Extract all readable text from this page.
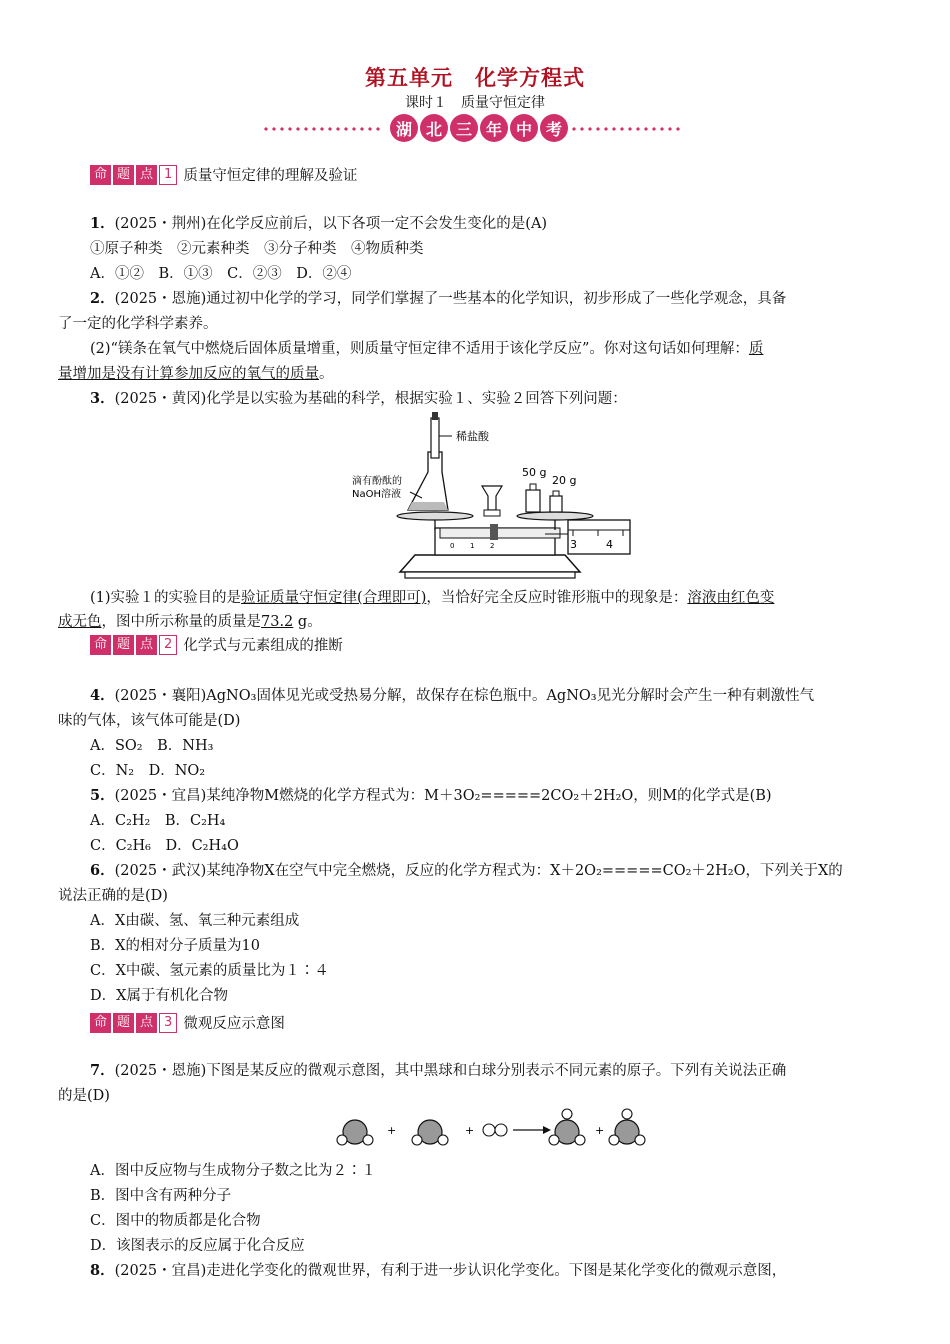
第五单元　化学方程式
课时１　质量守恒定律
湖 北 三 年 中 考
命 题 点 1 质量守恒定律的理解及验证
1．(2025・荆州)在化学反应前后，以下各项一定不会发生变化的是(A)
①原子种类　②元素种类　③分子种类　④物质种类
A．①②　B．①③　C．②③　D．②④
2．(2025・恩施)通过初中化学的学习，同学们掌握了一些基本的化学知识，初步形成了一些化学观念，具备
了一定的化学科学素养。
(2)“镁条在氧气中燃烧后固体质量增重，则质量守恒定律不适用于该化学反应”。你对这句话如何理解：质
量增加是没有计算参加反应的氧气的质量。
3．(2025・黄冈)化学是以实验为基础的科学，根据实验１、实验２回答下列问题：
稀盐酸
滴有酚酞的
NaOH溶液
50 g
20 g
3	4
0 1 2
(1)实验１的实验目的是验证质量守恒定律(合理即可)，当恰好完全反应时锥形瓶中的现象是：溶液由红色变
成无色，图中所示称量的质量是73.2 g。
命 题 点 2 化学式与元素组成的推断
4．(2025・襄阳)AgNO₃固体见光或受热易分解，故保存在棕色瓶中。AgNO₃见光分解时会产生一种有刺激性气
味的气体，该气体可能是(D)
A．SO₂　B．NH₃
C．N₂　D．NO₂
5．(2025・宜昌)某纯净物M燃烧的化学方程式为：M＋3O₂=====2CO₂＋2H₂O，则M的化学式是(B)
A．C₂H₂　B．C₂H₄
C．C₂H₆　D．C₂H₄O
6．(2025・武汉)某纯净物X在空气中完全燃烧，反应的化学方程式为：X＋2O₂=====CO₂＋2H₂O，下列关于X的
说法正确的是(D)
A．X由碳、氢、氧三种元素组成
B．X的相对分子质量为10
C．X中碳、氢元素的质量比为１∶４
D．X属于有机化合物
命 题 点 3 微观反应示意图
7．(2025・恩施)下图是某反应的微观示意图，其中黑球和白球分别表示不同元素的原子。下列有关说法正确
的是(D)
+	+	+
A．图中反应物与生成物分子数之比为２∶１
B．图中含有两种分子
C．图中的物质都是化合物
D．该图表示的反应属于化合反应
8．(2025・宜昌)走进化学变化的微观世界，有利于进一步认识化学变化。下图是某化学变化的微观示意图，
